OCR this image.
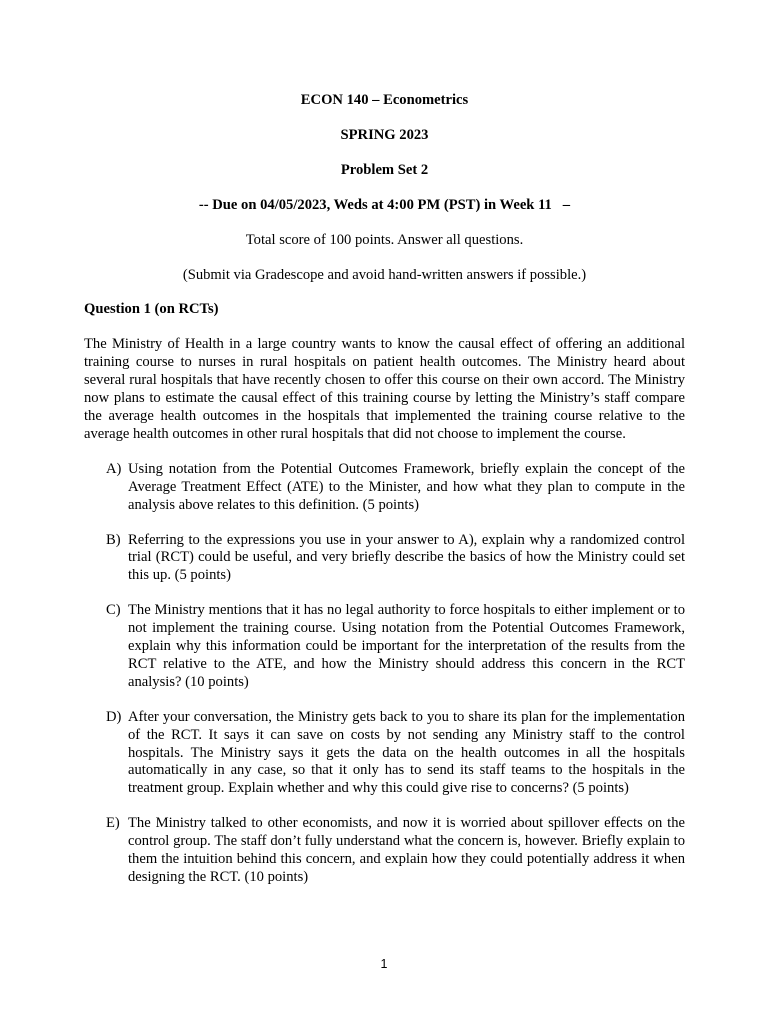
ECON 140 – Econometrics

SPRING 2023

Problem Set 2

-- Due on 04/05/2023, Weds at 4:00 PM (PST) in Week 11   –

Total score of 100 points. Answer all questions.

(Submit via Gradescope and avoid hand-written answers if possible.)

Question 1 (on RCTs)

The Ministry of Health in a large country wants to know the causal effect of offering an additional training course to nurses in rural hospitals on patient health outcomes. The Ministry heard about several rural hospitals that have recently chosen to offer this course on their own accord. The Ministry now plans to estimate the causal effect of this training course by letting the Ministry’s staff compare the average health outcomes in the hospitals that implemented the training course relative to the average health outcomes in other rural hospitals that did not choose to implement the course.

A) Using notation from the Potential Outcomes Framework, briefly explain the concept of the Average Treatment Effect (ATE) to the Minister, and how what they plan to compute in the analysis above relates to this definition. (5 points)
B) Referring to the expressions you use in your answer to A), explain why a randomized control trial (RCT) could be useful, and very briefly describe the basics of how the Ministry could set this up. (5 points)
C) The Ministry mentions that it has no legal authority to force hospitals to either implement or to not implement the training course. Using notation from the Potential Outcomes Framework, explain why this information could be important for the interpretation of the results from the RCT relative to the ATE, and how the Ministry should address this concern in the RCT analysis? (10 points)
D) After your conversation, the Ministry gets back to you to share its plan for the implementation of the RCT. It says it can save on costs by not sending any Ministry staff to the control hospitals. The Ministry says it gets the data on the health outcomes in all the hospitals automatically in any case, so that it only has to send its staff teams to the hospitals in the treatment group. Explain whether and why this could give rise to concerns? (5 points)
E) The Ministry talked to other economists, and now it is worried about spillover effects on the control group. The staff don’t fully understand what the concern is, however. Briefly explain to them the intuition behind this concern, and explain how they could potentially address it when designing the RCT. (10 points)
1
